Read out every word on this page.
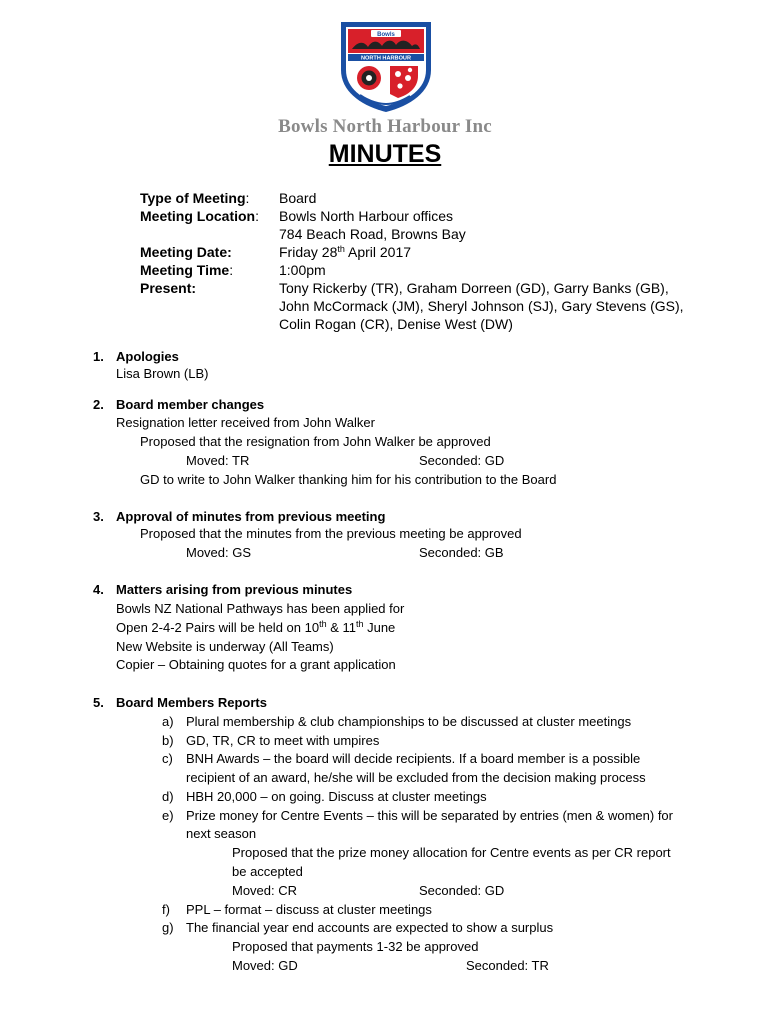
Bowls
NORTH HARBOUR
Bowls North Harbour Inc
MINUTES
Type of Meeting: Board
Meeting Location: Bowls North Harbour offices
784 Beach Road, Browns Bay
Meeting Date:	Friday 28th April 2017
Meeting Time:	1:00pm
Present:	Tony Rickerby (TR), Graham Dorreen (GD), Garry Banks (GB),
John McCormack (JM), Sheryl Johnson (SJ), Gary Stevens (GS),
Colin Rogan (CR), Denise West (DW)
1. Apologies
Lisa Brown (LB)
2. Board member changes
Resignation letter received from John Walker
Proposed that the resignation from John Walker be approved
Moved: TR	Seconded: GD
GD to write to John Walker thanking him for his contribution to the Board
3. Approval of minutes from previous meeting
Proposed that the minutes from the previous meeting be approved
Moved: GS	Seconded: GB
4. Matters arising from previous minutes
Bowls NZ National Pathways has been applied for
Open 2-4-2 Pairs will be held on 10th & 11th June
New Website is underway (All Teams)
Copier – Obtaining quotes for a grant application
5. Board Members Reports
a) Plural membership & club championships to be discussed at cluster meetings
b) GD, TR, CR to meet with umpires
c) BNH Awards – the board will decide recipients. If a board member is a possible
recipient of an award, he/she will be excluded from the decision making process
d) HBH 20,000 – on going. Discuss at cluster meetings
e) Prize money for Centre Events – this will be separated by entries (men & women) for
next season
Proposed that the prize money allocation for Centre events as per CR report
be accepted
Moved: CR	Seconded: GD
f) PPL – format – discuss at cluster meetings
g) The financial year end accounts are expected to show a surplus
Proposed that payments 1-32 be approved
Moved: GD	Seconded: TR
